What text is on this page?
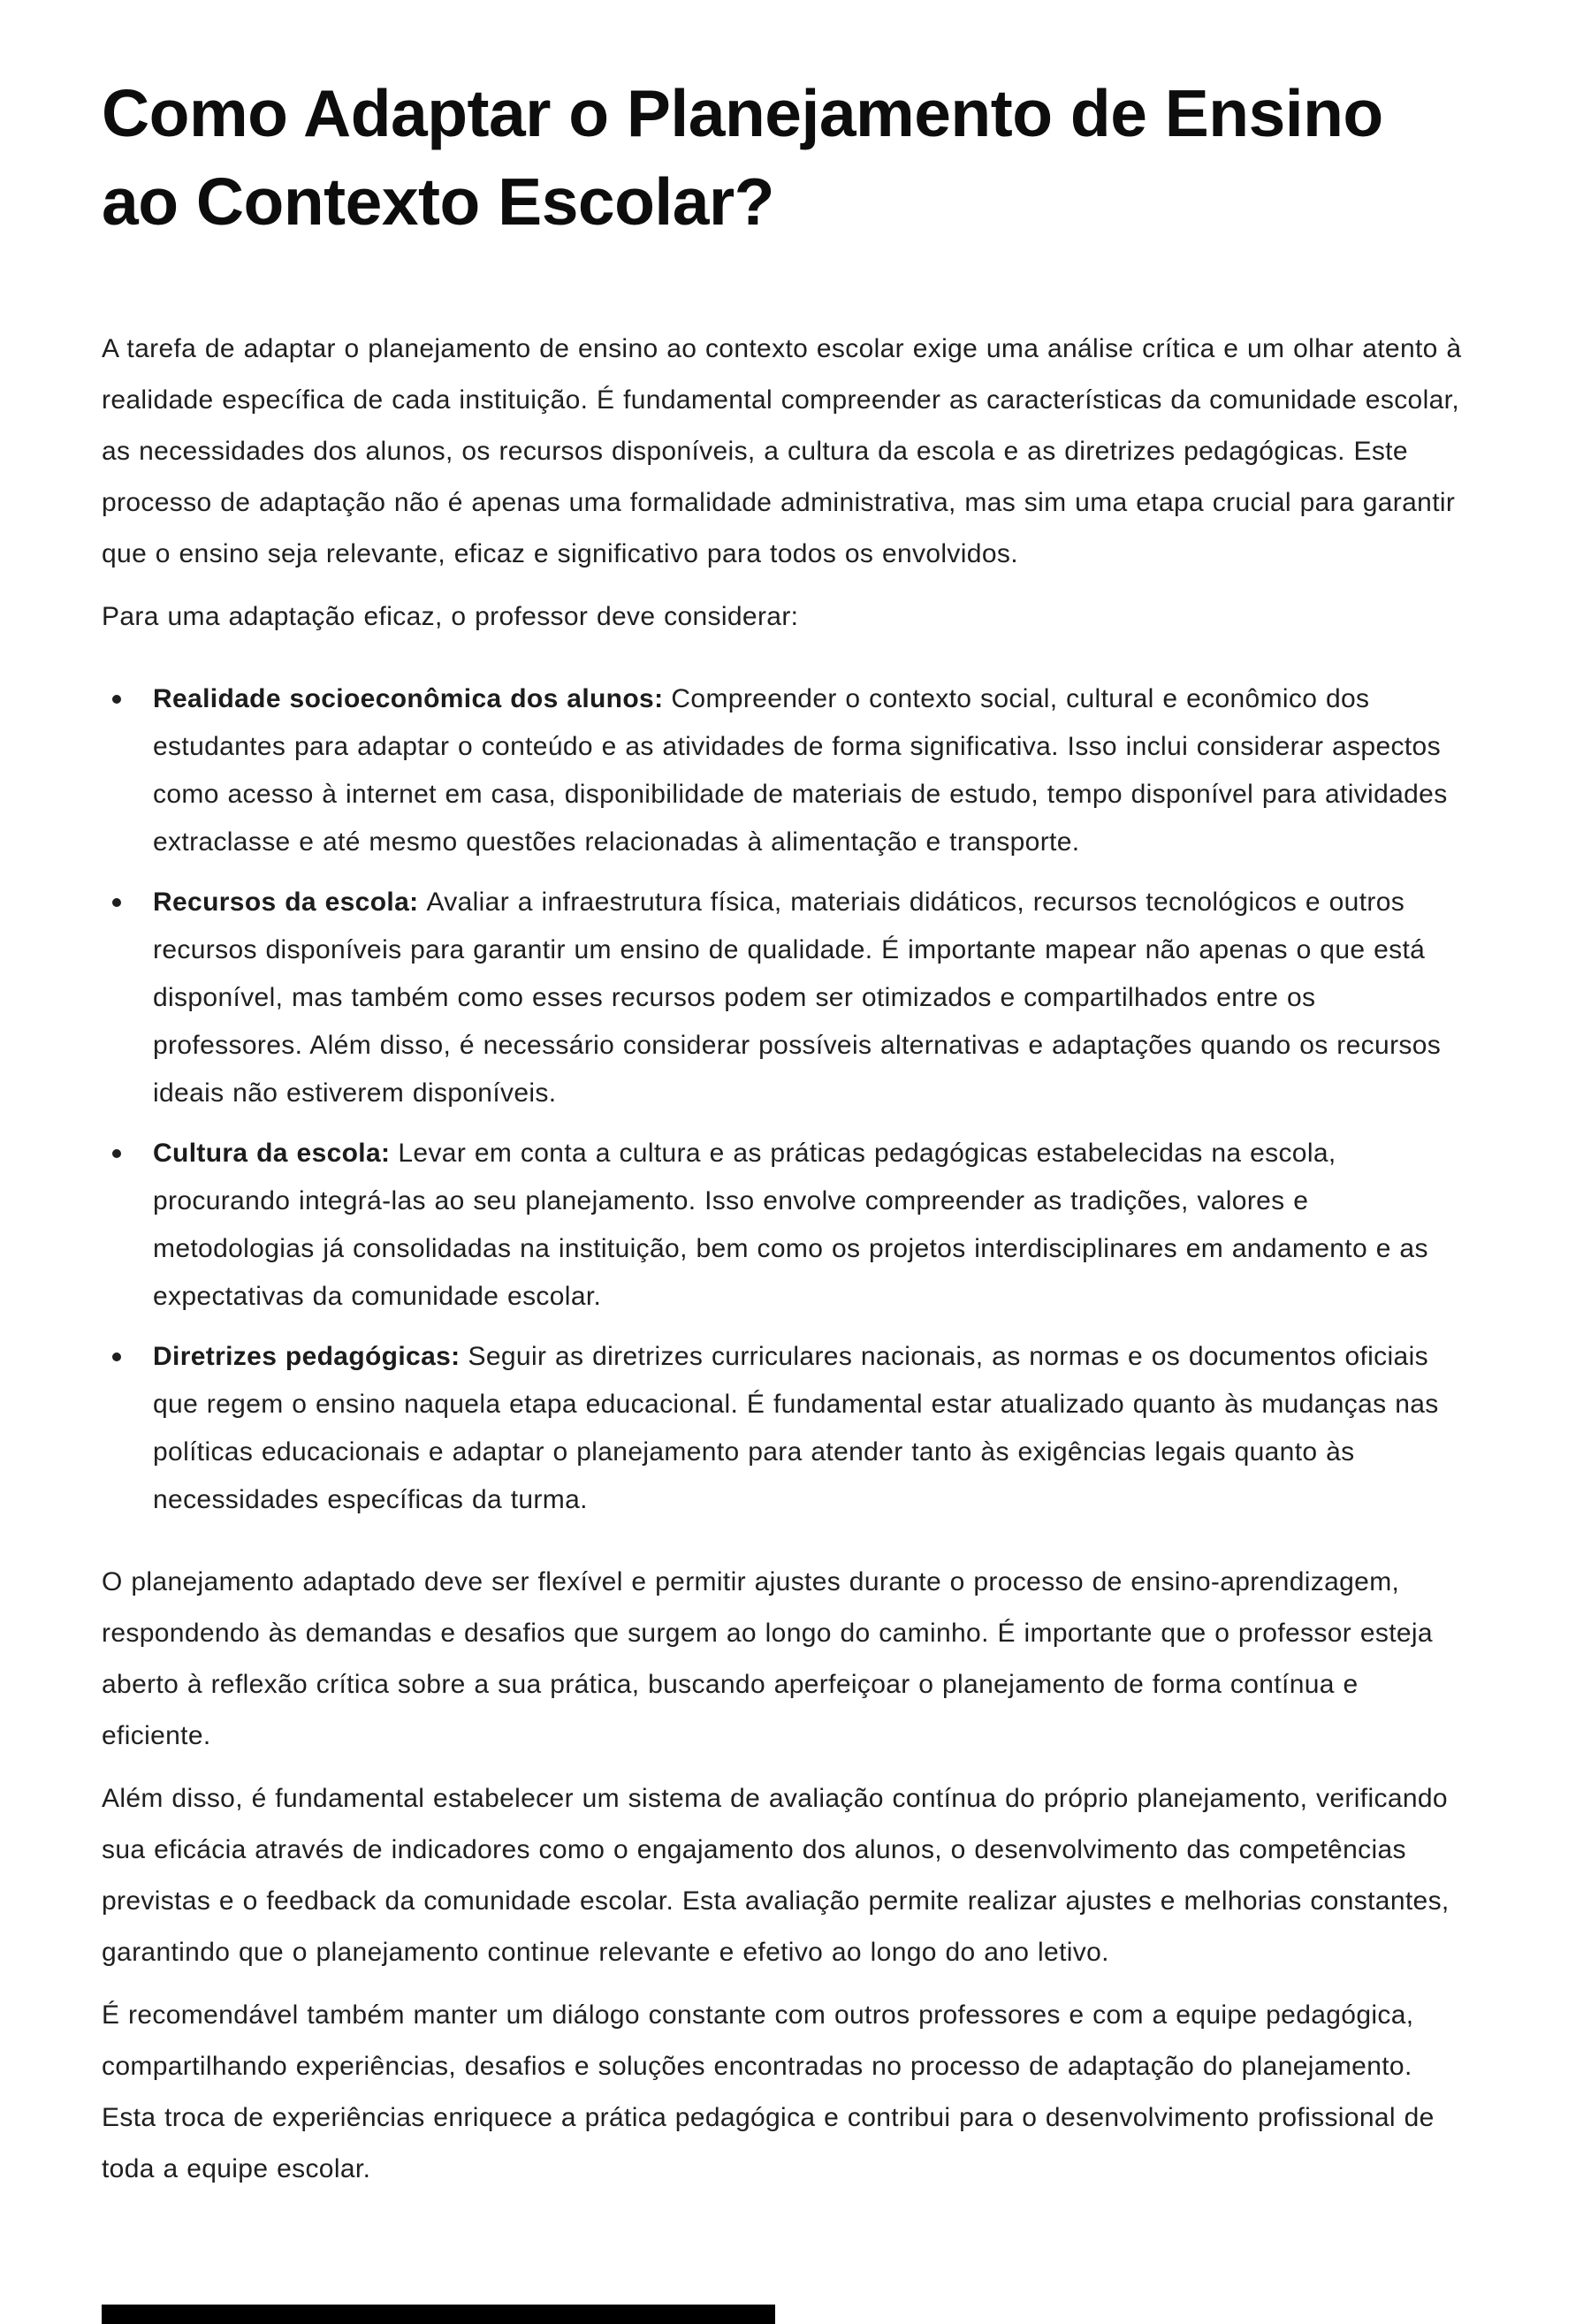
Como Adaptar o Planejamento de Ensino ao Contexto Escolar?

A tarefa de adaptar o planejamento de ensino ao contexto escolar exige uma análise crítica e um olhar atento à realidade específica de cada instituição. É fundamental compreender as características da comunidade escolar, as necessidades dos alunos, os recursos disponíveis, a cultura da escola e as diretrizes pedagógicas. Este processo de adaptação não é apenas uma formalidade administrativa, mas sim uma etapa crucial para garantir que o ensino seja relevante, eficaz e significativo para todos os envolvidos.

Para uma adaptação eficaz, o professor deve considerar:

Realidade socioeconômica dos alunos: Compreender o contexto social, cultural e econômico dos estudantes para adaptar o conteúdo e as atividades de forma significativa. Isso inclui considerar aspectos como acesso à internet em casa, disponibilidade de materiais de estudo, tempo disponível para atividades extraclasse e até mesmo questões relacionadas à alimentação e transporte.
Recursos da escola: Avaliar a infraestrutura física, materiais didáticos, recursos tecnológicos e outros recursos disponíveis para garantir um ensino de qualidade. É importante mapear não apenas o que está disponível, mas também como esses recursos podem ser otimizados e compartilhados entre os professores. Além disso, é necessário considerar possíveis alternativas e adaptações quando os recursos ideais não estiverem disponíveis.
Cultura da escola: Levar em conta a cultura e as práticas pedagógicas estabelecidas na escola, procurando integrá-las ao seu planejamento. Isso envolve compreender as tradições, valores e metodologias já consolidadas na instituição, bem como os projetos interdisciplinares em andamento e as expectativas da comunidade escolar.
Diretrizes pedagógicas: Seguir as diretrizes curriculares nacionais, as normas e os documentos oficiais que regem o ensino naquela etapa educacional. É fundamental estar atualizado quanto às mudanças nas políticas educacionais e adaptar o planejamento para atender tanto às exigências legais quanto às necessidades específicas da turma.

O planejamento adaptado deve ser flexível e permitir ajustes durante o processo de ensino-aprendizagem, respondendo às demandas e desafios que surgem ao longo do caminho. É importante que o professor esteja aberto à reflexão crítica sobre a sua prática, buscando aperfeiçoar o planejamento de forma contínua e eficiente.

Além disso, é fundamental estabelecer um sistema de avaliação contínua do próprio planejamento, verificando sua eficácia através de indicadores como o engajamento dos alunos, o desenvolvimento das competências previstas e o feedback da comunidade escolar. Esta avaliação permite realizar ajustes e melhorias constantes, garantindo que o planejamento continue relevante e efetivo ao longo do ano letivo.

É recomendável também manter um diálogo constante com outros professores e com a equipe pedagógica, compartilhando experiências, desafios e soluções encontradas no processo de adaptação do planejamento. Esta troca de experiências enriquece a prática pedagógica e contribui para o desenvolvimento profissional de toda a equipe escolar.
